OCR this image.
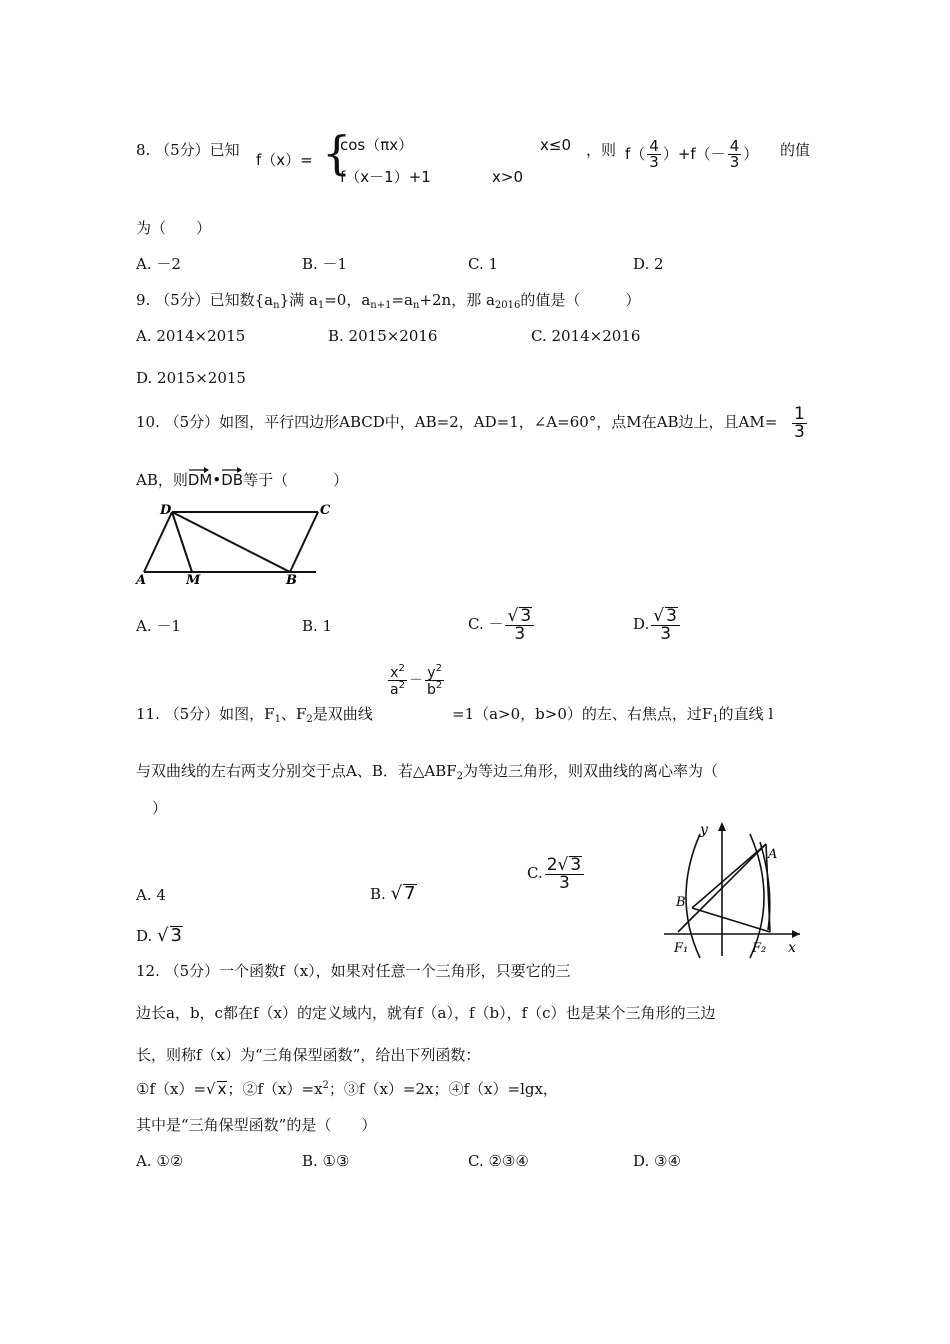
8. （5分）已知
f（x）= {
cos（πx）	x≤0
f（x－1）+1	x>0
，则 $f( \frac{4}{3} )+f(- \frac{4}{3}$ ） 的值
为（　　）
A. －2	B. －1	C. 1	D. 2
9. （5分）已知数$\{a_n\}$满 $a_1=0$，$a_{n+1}=a_n+2n$，那 $a_{2016}$的值是（　　　）
A. 2014×2015	B. 2015×2016	C. 2014×2016
D. 2015×2015
10. （5分）如图，平行四边形ABCD中，AB=2，AD=1，∠A=60°，点M在AB边上，且$AM= \frac{1}{3}$
AB，则
DM•
DB等于（　　　）
D	C
A	M	B
A. －1	B. 1	C. － $\frac{√ 3}{3}$	D. $\frac{√ 3}{3}$
$\frac{x^2}{a^2} - \frac{y^2}{b^2}$
11. （5分）如图，$F_1$、$F_2$是双曲线	=1（a>0，b>0）的左、右焦点，过$F_1$的直线 l
与双曲线的左右两支分别交于点A、B．若$\triangle ABF_2$为等边三角形，则双曲线的离心率为（
）
y
A
B
F₁	F₂ x
A. 4	B. √ 7
C. $\frac{2√ 3}{3}$
D. √ 3
12. （5分）一个函数f（x），如果对任意一个三角形，只要它的三
边长a，b，c都在f（x）的定义域内，就有f（a），f（b），f（c）也是某个三角形的三边
长，则称f（x）为“三角保型函数”，给出下列函数：
①f（x）=√ x；$②f(x)=x^2$；③f（x）=2x；④f（x）=lgx，
其中是“三角保型函数”的是（　　）
A. ①②	B. ①③	C. ②③④	D. ③④
